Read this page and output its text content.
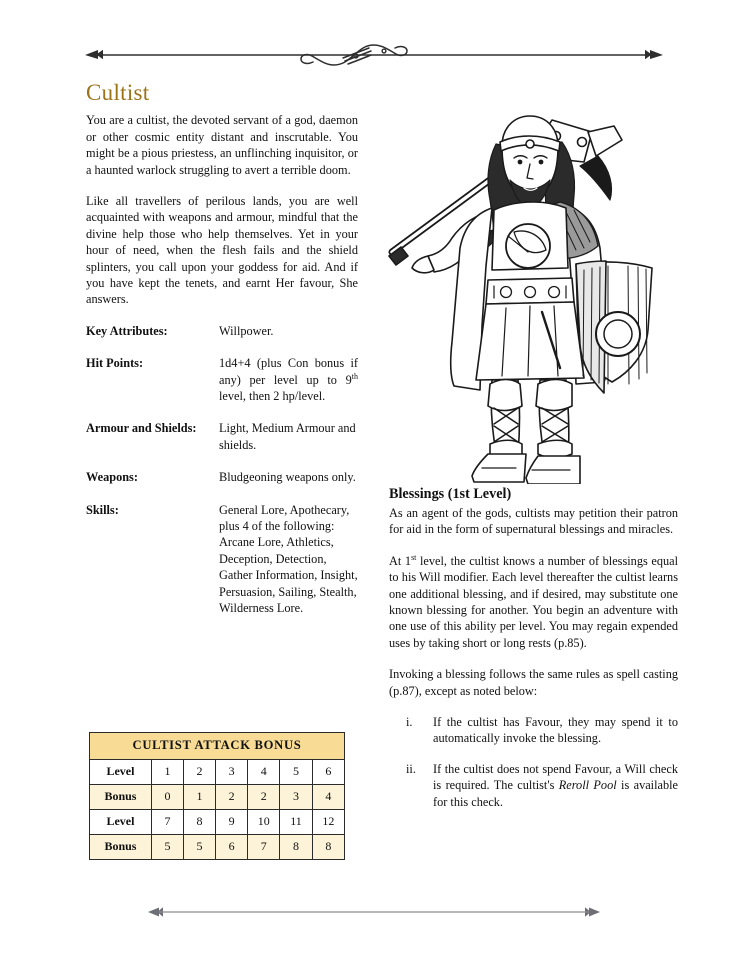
Cultist

You are a cultist, the devoted servant of a god, daemon or other cosmic entity distant and inscrutable. You might be a pious priestess, an unflinching inquisitor, or a haunted warlock struggling to avert a terrible doom.

Like all travellers of perilous lands, you are well acquainted with weapons and armour, mindful that the divine help those who help themselves. Yet in your hour of need, when the flesh fails and the shield splinters, you call upon your goddess for aid. And if you have kept the tenets, and earnt Her favour, She answers.

Key Attributes:	Willpower.
Hit Points:	1d4+4 (plus Con bonus if any) per level up to 9th level, then 2 hp/level.
Armour and Shields:	Light, Medium Armour and shields.
Weapons:	Bludgeoning weapons only.
Skills:	General Lore, Apothecary, plus 4 of the following: Arcane Lore, Athletics, Deception, Detection, Gather Information, Insight, Persuasion, Sailing, Stealth, Wilderness Lore.
CULTIST ATTACK BONUS						
Level	1	2	3	4	5	6
Bonus	0	1	2	2	3	4
Level	7	8	9	10	11	12
Bonus	5	5	6	7	8	8
Blessings (1st Level)

As an agent of the gods, cultists may petition their patron for aid in the form of supernatural blessings and miracles.

At 1st level, the cultist knows a number of blessings equal to his Will modifier. Each level thereafter the cultist learns one additional blessing, and if desired, may substitute one known blessing for another. You begin an adventure with one use of this ability per level. You may regain expended uses by taking short or long rests (p.85).

Invoking a blessing follows the same rules as spell casting (p.87), except as noted below:

i.	If the cultist has Favour, they may spend it to automatically invoke the blessing.
ii.	If the cultist does not spend Favour, a Will check is required. The cultist's Reroll Pool is available for this check.
